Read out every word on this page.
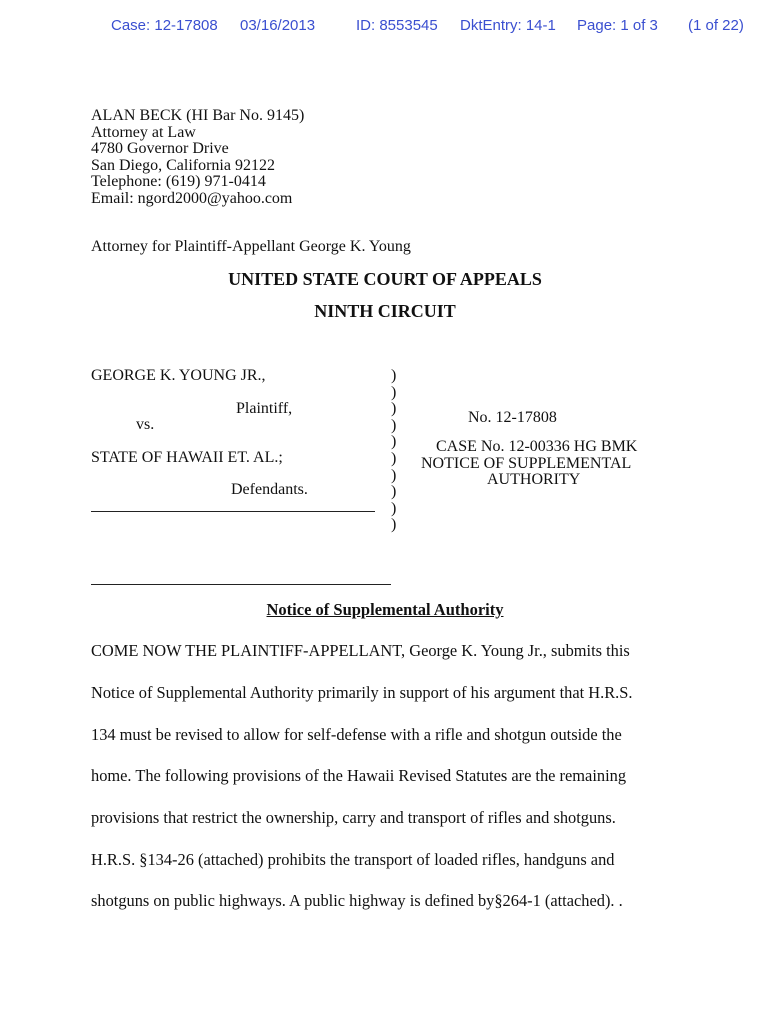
Case: 12-17808 03/16/2013	ID: 8553545 DktEntry: 14-1 Page: 1 of 3 (1 of 22)
ALAN BECK (HI Bar No. 9145)
Attorney at Law
4780 Governor Drive
San Diego, California 92122
Telephone: (619) 971-0414
Email: ngord2000@yahoo.com
Attorney for Plaintiff-Appellant George K. Young
UNITED STATE COURT OF APPEALS
NINTH CIRCUIT
GEORGE K. YOUNG JR.,
Plaintiff,
vs.
STATE OF HAWAII ET. AL.;
Defendants.
)
)
)
)
)
)
)
)
)
)
No. 12-17808
CASE No. 12-00336 HG BMK
NOTICE OF SUPPLEMENTAL
AUTHORITY
Notice of Supplemental Authority
COME NOW THE PLAINTIFF-APPELLANT, George K. Young Jr., submits this
Notice of Supplemental Authority primarily in support of his argument that H.R.S.
134 must be revised to allow for self-defense with a rifle and shotgun outside the
home. The following provisions of the Hawaii Revised Statutes are the remaining
provisions that restrict the ownership, carry and transport of rifles and shotguns.
H.R.S. §134-26 (attached) prohibits the transport of loaded rifles, handguns and
shotguns on public highways. A public highway is defined by§264-1 (attached). .
